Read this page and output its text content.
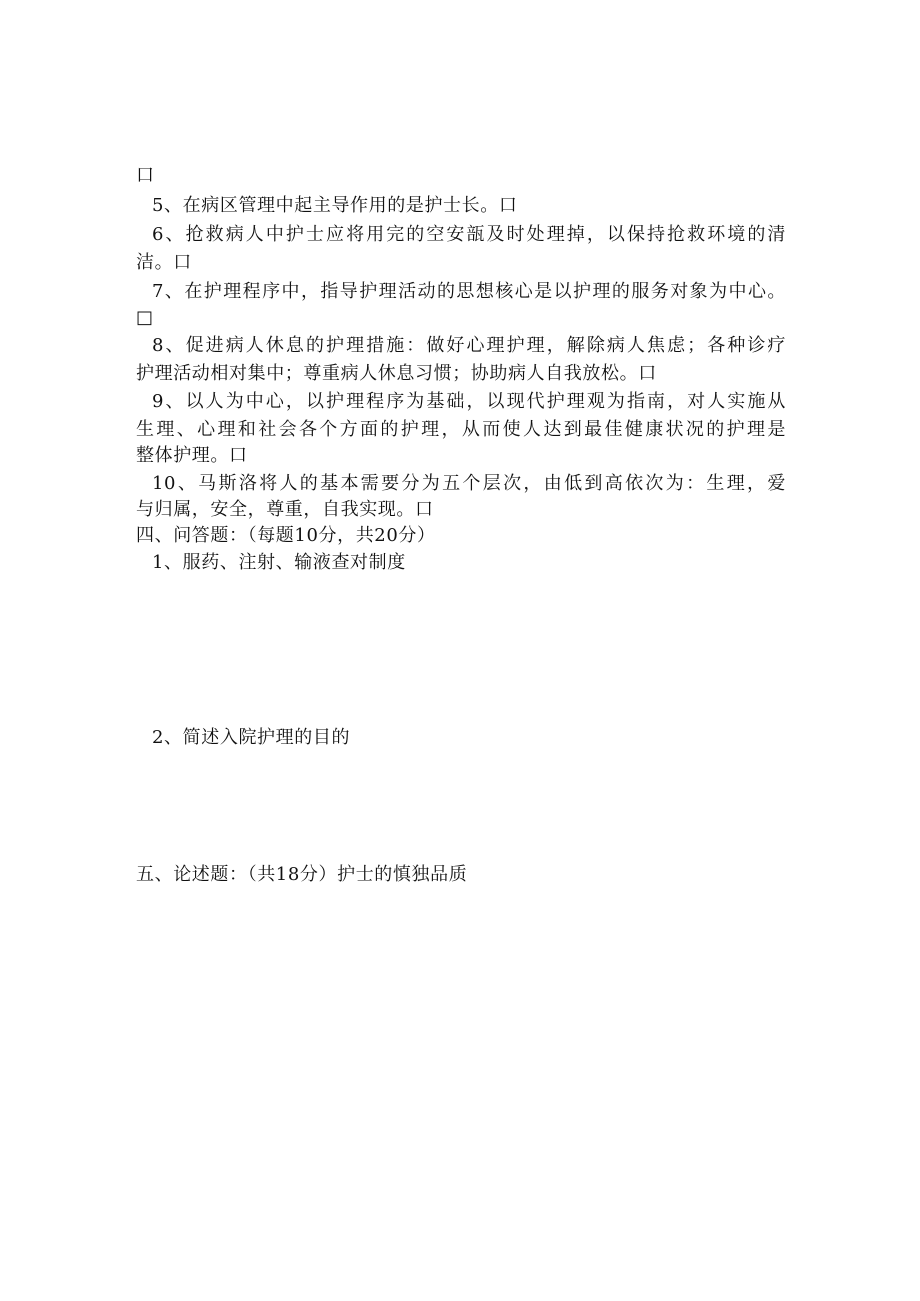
口
5、在病区管理中起主导作用的是护士长。口
6、抢救病人中护士应将用完的空安瓿及时处理掉，以保持抢救环境的清
洁。口
7、在护理程序中，指导护理活动的思想核心是以护理的服务对象为中心。
□
8、促进病人休息的护理措施：做好心理护理，解除病人焦虑；各种诊疗
护理活动相对集中；尊重病人休息习惯；协助病人自我放松。口
9、以人为中心，以护理程序为基础，以现代护理观为指南，对人实施从
生理、心理和社会各个方面的护理，从而使人达到最佳健康状况的护理是
整体护理。口
10、马斯洛将人的基本需要分为五个层次，由低到高依次为：生理，爱
与归属，安全，尊重，自我实现。口
四、问答题：（每题10分，共20分）
1、服药、注射、输液查对制度
2、简述入院护理的目的
五、论述题：（共18分）护士的慎独品质
